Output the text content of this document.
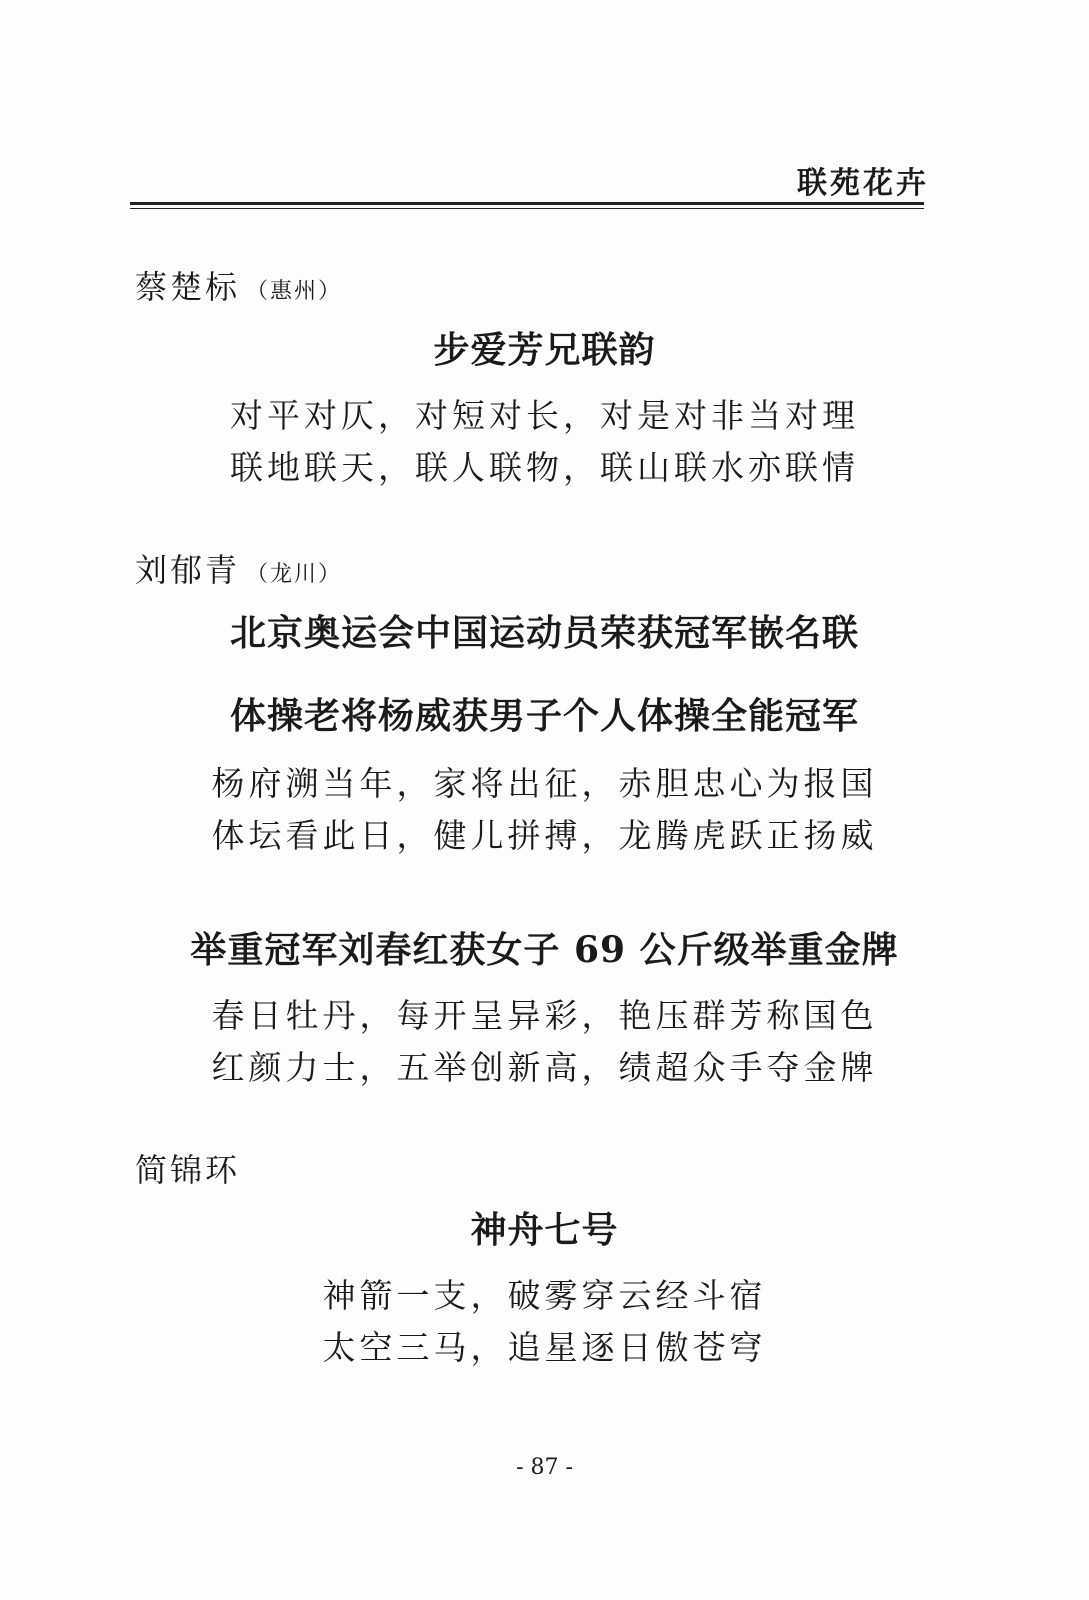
联苑花卉
蔡楚标 （惠州）
步爱芳兄联韵
对平对仄，对短对长，对是对非当对理
联地联天，联人联物，联山联水亦联情
刘郁青 （龙川）
北京奥运会中国运动员荣获冠军嵌名联
体操老将杨威获男子个人体操全能冠军
杨府溯当年，家将出征，赤胆忠心为报国
体坛看此日，健儿拼搏，龙腾虎跃正扬威
举重冠军刘春红获女子 69 公斤级举重金牌
春日牡丹，每开呈异彩，艳压群芳称国色
红颜力士，五举创新高，绩超众手夺金牌
简锦环
神舟七号
神箭一支，破雾穿云经斗宿
太空三马，追星逐日傲苍穹
- 87 -
